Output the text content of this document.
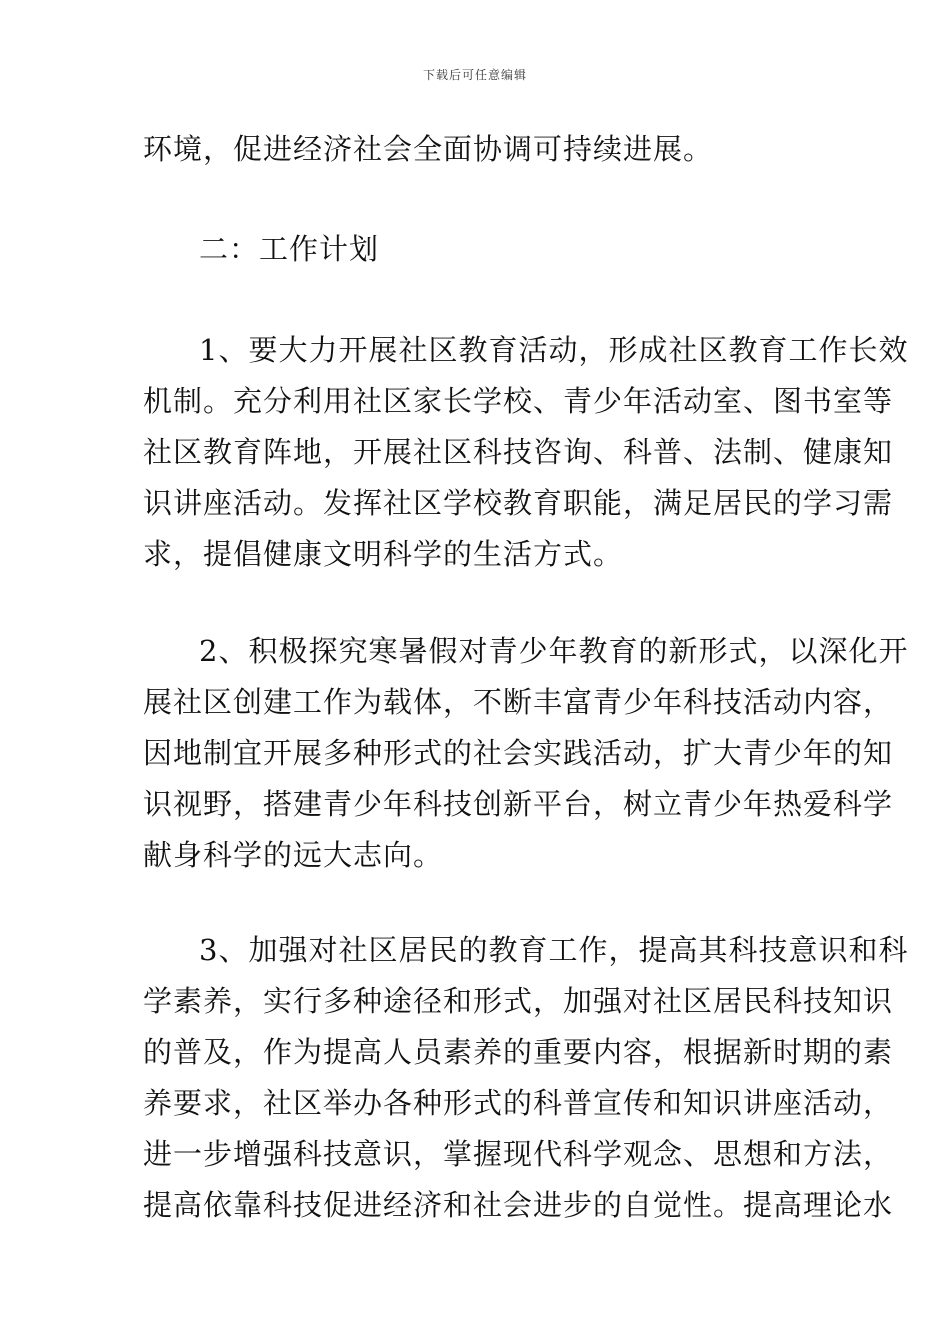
下载后可任意编辑
环境，促进经济社会全面协调可持续进展。
二：工作计划
1、要大力开展社区教育活动，形成社区教育工作长效
机制。充分利用社区家长学校、青少年活动室、图书室等
社区教育阵地，开展社区科技咨询、科普、法制、健康知
识讲座活动。发挥社区学校教育职能，满足居民的学习需
求，提倡健康文明科学的生活方式。
2、积极探究寒暑假对青少年教育的新形式，以深化开
展社区创建工作为载体，不断丰富青少年科技活动内容，
因地制宜开展多种形式的社会实践活动，扩大青少年的知
识视野，搭建青少年科技创新平台，树立青少年热爱科学
献身科学的远大志向。
3、加强对社区居民的教育工作，提高其科技意识和科
学素养，实行多种途径和形式，加强对社区居民科技知识
的普及，作为提高人员素养的重要内容，根据新时期的素
养要求，社区举办各种形式的科普宣传和知识讲座活动，
进一步增强科技意识，掌握现代科学观念、思想和方法，
提高依靠科技促进经济和社会进步的自觉性。提高理论水
